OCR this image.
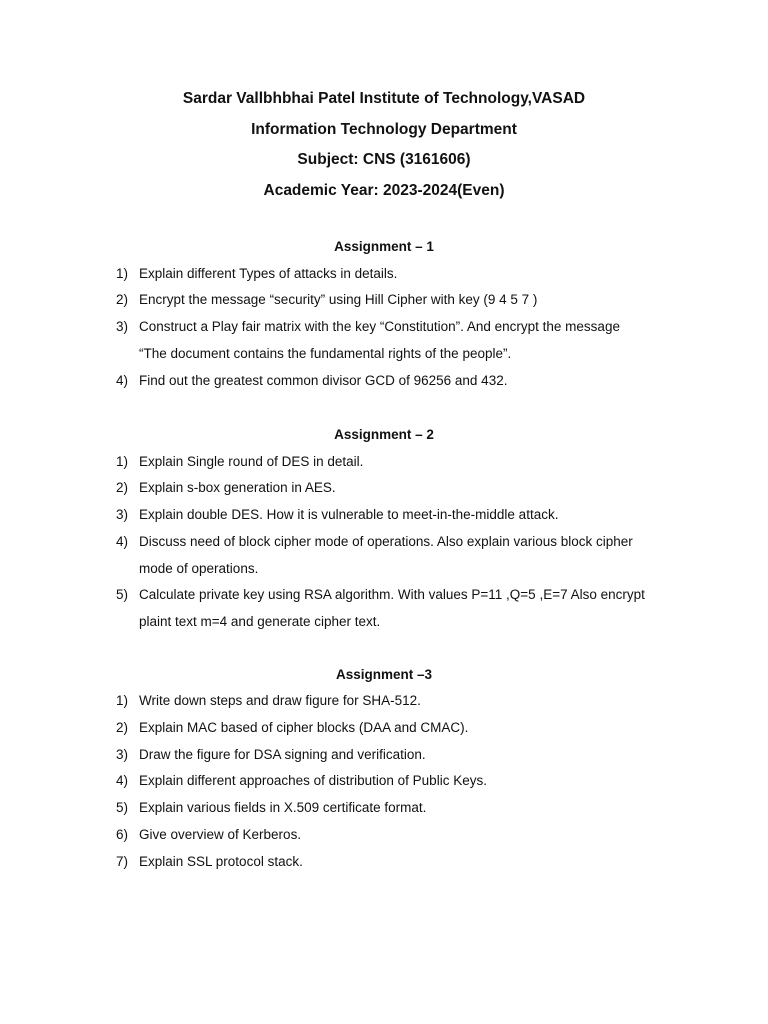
Sardar Vallbhbhai Patel Institute of Technology,VASAD
Information Technology Department
Subject: CNS (3161606)
Academic Year: 2023-2024(Even)
Assignment – 1
1) Explain different Types of attacks in details.
2) Encrypt the message “security” using Hill Cipher with key (9 4 5 7 )
3) Construct a Play fair matrix with the key “Constitution”. And encrypt the message
“The document contains the fundamental rights of the people”.
4) Find out the greatest common divisor GCD of 96256 and 432.
Assignment – 2
1) Explain Single round of DES in detail.
2) Explain s-box generation in AES.
3) Explain double DES. How it is vulnerable to meet-in-the-middle attack.
4) Discuss need of block cipher mode of operations. Also explain various block cipher
mode of operations.
5) Calculate private key using RSA algorithm. With values P=11 ,Q=5 ,E=7 Also encrypt
plaint text m=4 and generate cipher text.
Assignment –3
1) Write down steps and draw figure for SHA-512.
2) Explain MAC based of cipher blocks (DAA and CMAC).
3) Draw the figure for DSA signing and verification.
4) Explain different approaches of distribution of Public Keys.
5) Explain various fields in X.509 certificate format.
6) Give overview of Kerberos.
7) Explain SSL protocol stack.
